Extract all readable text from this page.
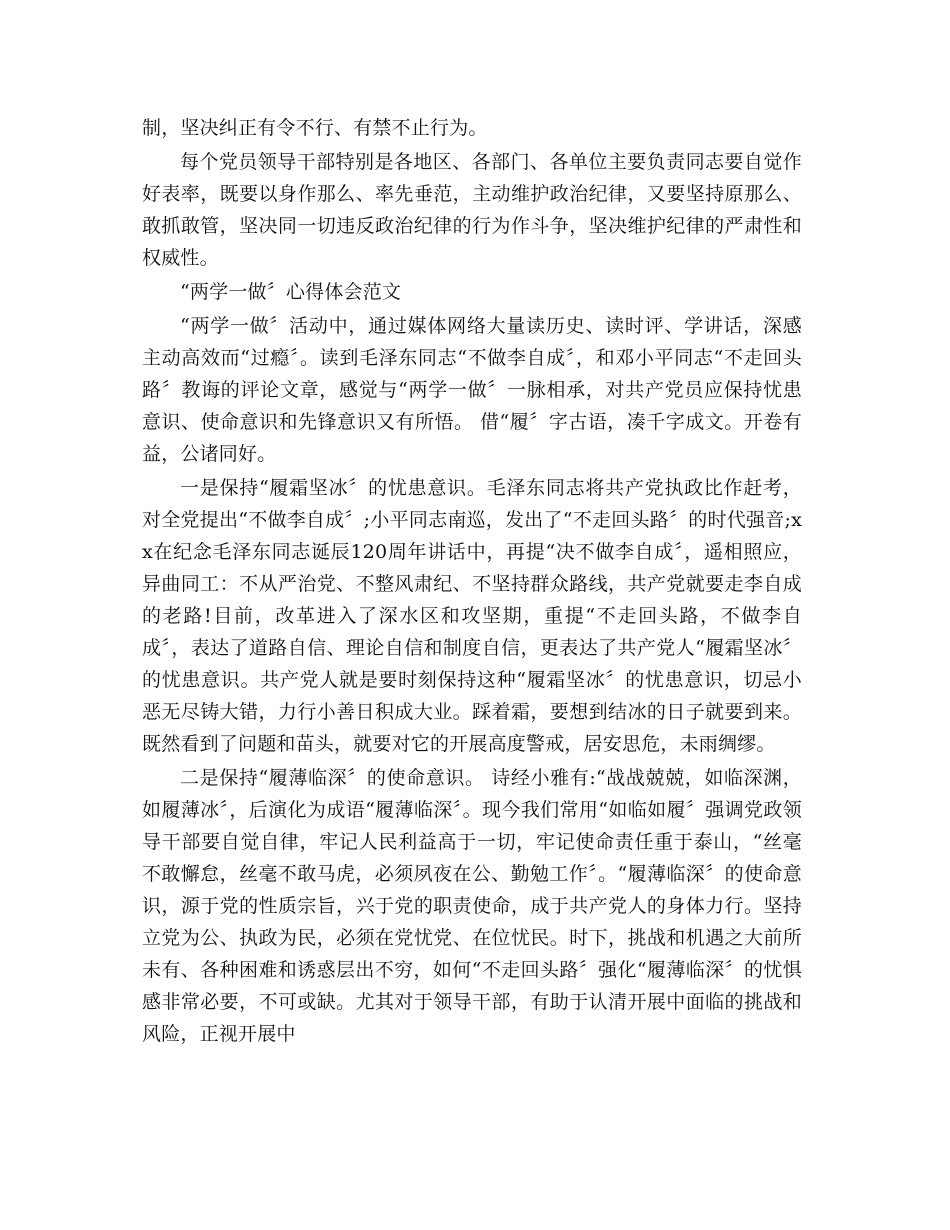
制，坚决纠正有令不行、有禁不止行为。

每个党员领导干部特别是各地区、各部门、各单位主要负责同志要自觉作好表率，既要以身作那么、率先垂范，主动维护政治纪律，又要坚持原那么、敢抓敢管，坚决同一切违反政治纪律的行为作斗争，坚决维护纪律的严肃性和权威性。

“两学一做〞心得体会范文

“两学一做〞活动中，通过媒体网络大量读历史、读时评、学讲话，深感主动高效而“过瘾〞。读到毛泽东同志“不做李自成〞，和邓小平同志“不走回头路〞教诲的评论文章，感觉与“两学一做〞一脉相承，对共产党员应保持忧患意识、使命意识和先锋意识又有所悟。 借“履〞字古语，凑千字成文。开卷有益，公诸同好。

一是保持“履霜坚冰〞的忧患意识。毛泽东同志将共产党执政比作赶考，对全党提出“不做李自成〞;小平同志南巡，发出了“不走回头路〞的时代强音;xx在纪念毛泽东同志诞辰120周年讲话中，再提“决不做李自成〞，遥相照应，异曲同工：不从严治党、不整风肃纪、不坚持群众路线，共产党就要走李自成的老路!目前，改革进入了深水区和攻坚期，重提“不走回头路，不做李自成〞，表达了道路自信、理论自信和制度自信，更表达了共产党人“履霜坚冰〞的忧患意识。共产党人就是要时刻保持这种“履霜坚冰〞的忧患意识，切忌小恶无尽铸大错，力行小善日积成大业。踩着霜，要想到结冰的日子就要到来。既然看到了问题和苗头，就要对它的开展高度警戒，居安思危，未雨绸缪。

二是保持“履薄临深〞的使命意识。 诗经小雅有:“战战兢兢，如临深渊，如履薄冰〞，后演化为成语“履薄临深〞。现今我们常用“如临如履〞强调党政领导干部要自觉自律，牢记人民利益高于一切，牢记使命责任重于泰山，“丝毫不敢懈怠，丝毫不敢马虎，必须夙夜在公、勤勉工作〞。“履薄临深〞的使命意识，源于党的性质宗旨，兴于党的职责使命，成于共产党人的身体力行。坚持立党为公、执政为民，必须在党忧党、在位忧民。时下，挑战和机遇之大前所未有、各种困难和诱惑层出不穷，如何“不走回头路〞强化“履薄临深〞的忧惧感非常必要，不可或缺。尤其对于领导干部，有助于认清开展中面临的挑战和风险，正视开展中
